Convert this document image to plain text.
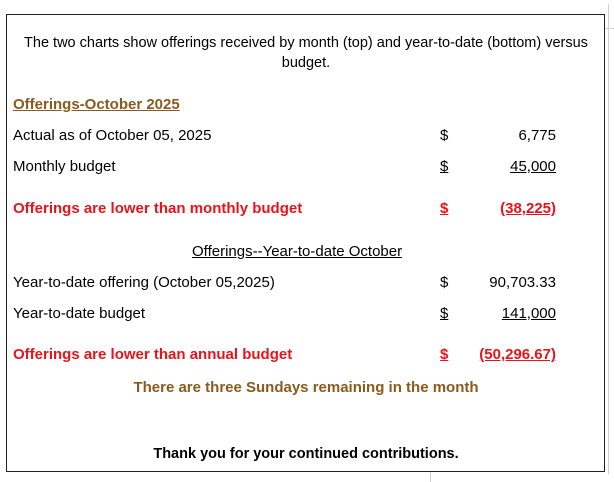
The two charts show offerings received by month (top) and year-to-date (bottom) versus budget.
Offerings-October 2025
Actual as of October 05, 2025	$	6,775
Monthly budget	$	45,000
Offerings are lower than monthly budget	$	(38,225)
Offerings--Year-to-date October
Year-to-date offering (October 05,2025)	$	90,703.33
Year-to-date budget	$	141,000
Offerings are lower than annual budget	$ (50,296.67)
There are three Sundays remaining in the month
Thank you for your continued contributions.
